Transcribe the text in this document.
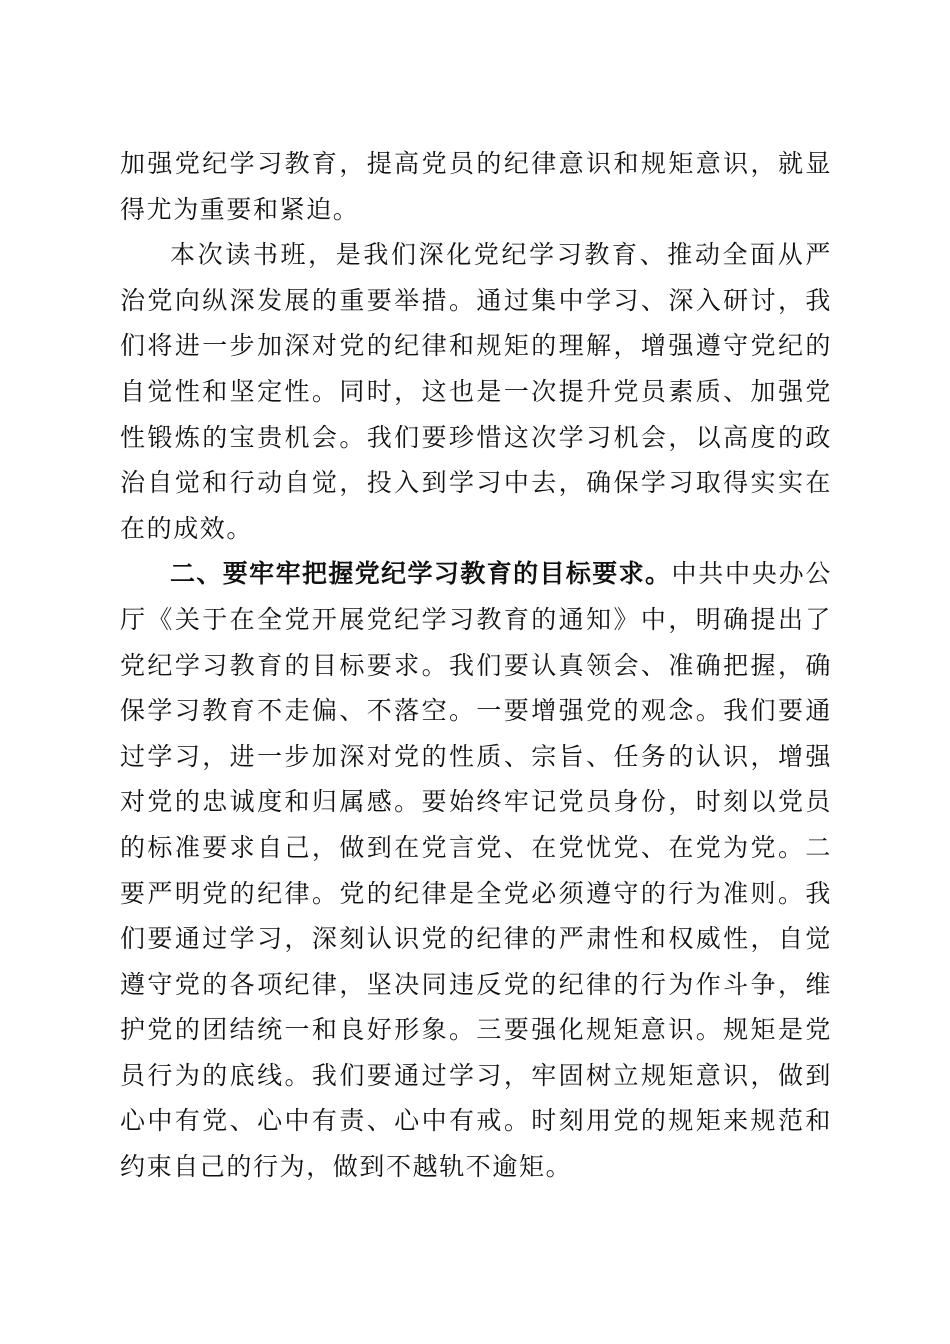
加强党纪学习教育，提高党员的纪律意识和规矩意识，就显得尤为重要和紧迫。

本次读书班，是我们深化党纪学习教育、推动全面从严治党向纵深发展的重要举措。通过集中学习、深入研讨，我们将进一步加深对党的纪律和规矩的理解，增强遵守党纪的自觉性和坚定性。同时，这也是一次提升党员素质、加强党性锻炼的宝贵机会。我们要珍惜这次学习机会，以高度的政治自觉和行动自觉，投入到学习中去，确保学习取得实实在在的成效。

二、要牢牢把握党纪学习教育的目标要求。中共中央办公厅《关于在全党开展党纪学习教育的通知》中，明确提出了党纪学习教育的目标要求。我们要认真领会、准确把握，确保学习教育不走偏、不落空。一要增强党的观念。我们要通过学习，进一步加深对党的性质、宗旨、任务的认识，增强对党的忠诚度和归属感。要始终牢记党员身份，时刻以党员的标准要求自己，做到在党言党、在党忧党、在党为党。二要严明党的纪律。党的纪律是全党必须遵守的行为准则。我们要通过学习，深刻认识党的纪律的严肃性和权威性，自觉遵守党的各项纪律，坚决同违反党的纪律的行为作斗争，维护党的团结统一和良好形象。三要强化规矩意识。规矩是党员行为的底线。我们要通过学习，牢固树立规矩意识，做到心中有党、心中有责、心中有戒。时刻用党的规矩来规范和约束自己的行为，做到不越轨不逾矩。
